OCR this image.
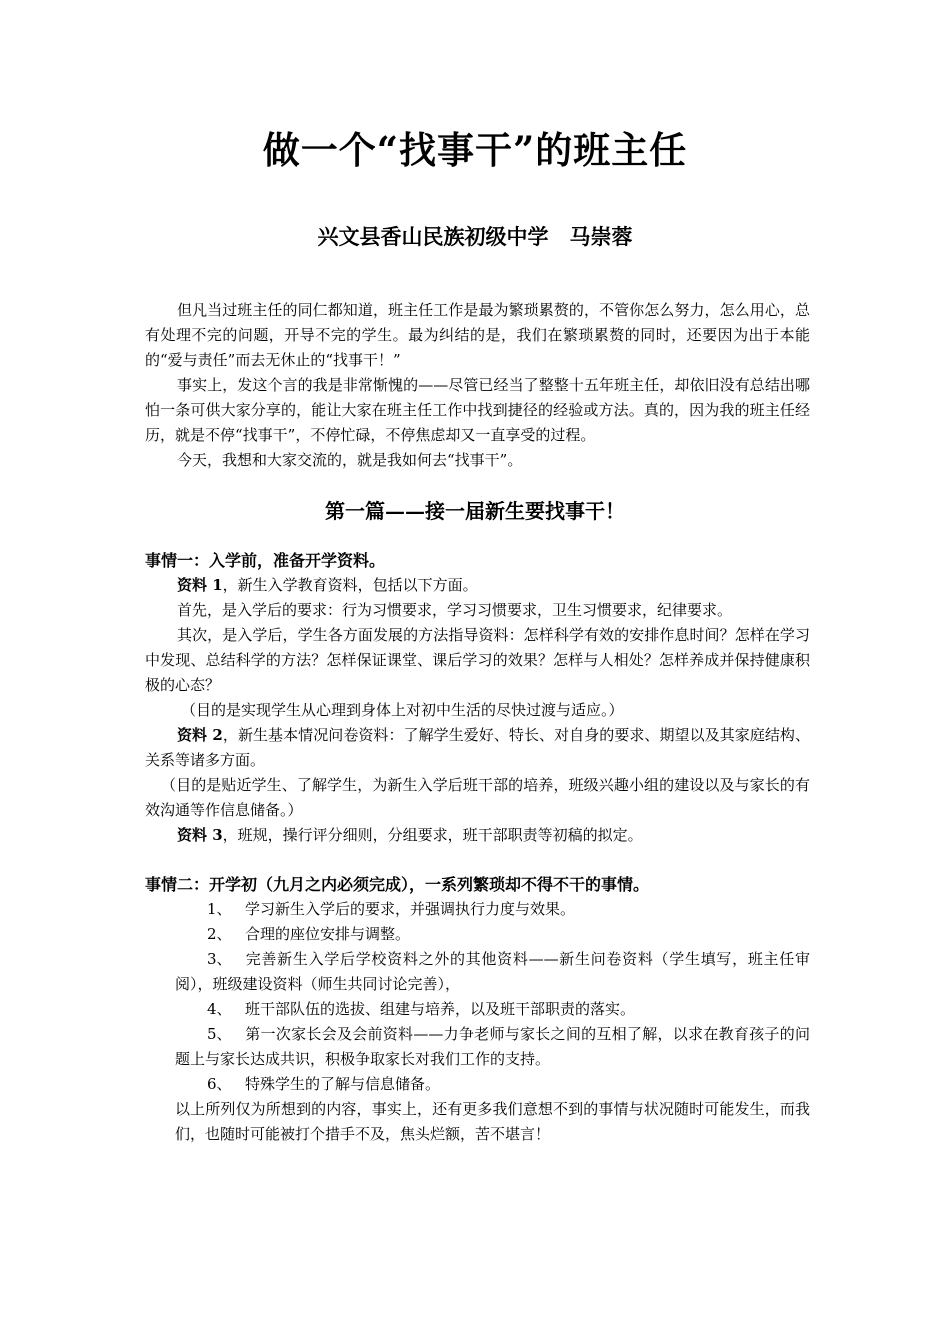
做一个“找事干”的班主任
兴文县香山民族初级中学　马崇蓉

但凡当过班主任的同仁都知道，班主任工作是最为繁琐累赘的，不管你怎么努力，怎么用心，总有处理不完的问题，开导不完的学生。最为纠结的是，我们在繁琐累赘的同时，还要因为出于本能的“爱与责任”而去无休止的“找事干！”

事实上，发这个言的我是非常惭愧的——尽管已经当了整整十五年班主任，却依旧没有总结出哪怕一条可供大家分享的，能让大家在班主任工作中找到捷径的经验或方法。真的，因为我的班主任经历，就是不停“找事干”，不停忙碌，不停焦虑却又一直享受的过程。

今天，我想和大家交流的，就是我如何去“找事干”。

第一篇——接一届新生要找事干！
事情一：入学前，准备开学资料。

资料 1，新生入学教育资料，包括以下方面。

首先，是入学后的要求：行为习惯要求，学习习惯要求，卫生习惯要求，纪律要求。

其次，是入学后，学生各方面发展的方法指导资料：怎样科学有效的安排作息时间？怎样在学习中发现、总结科学的方法？怎样保证课堂、课后学习的效果？怎样与人相处？怎样养成并保持健康积极的心态？

（目的是实现学生从心理到身体上对初中生活的尽快过渡与适应。）

资料 2，新生基本情况问卷资料：了解学生爱好、特长、对自身的要求、期望以及其家庭结构、关系等诸多方面。

（目的是贴近学生、了解学生，为新生入学后班干部的培养，班级兴趣小组的建设以及与家长的有效沟通等作信息储备。）

资料 3，班规，操行评分细则，分组要求，班干部职责等初稿的拟定。

事情二：开学初（九月之内必须完成），一系列繁琐却不得不干的事情。

1、 学习新生入学后的要求，并强调执行力度与效果。

2、 合理的座位安排与调整。

3、 完善新生入学后学校资料之外的其他资料——新生问卷资料（学生填写，班主任审阅），班级建设资料（师生共同讨论完善），

4、 班干部队伍的选拔、组建与培养，以及班干部职责的落实。

5、 第一次家长会及会前资料——力争老师与家长之间的互相了解，以求在教育孩子的问题上与家长达成共识，积极争取家长对我们工作的支持。

6、 特殊学生的了解与信息储备。

以上所列仅为所想到的内容，事实上，还有更多我们意想不到的事情与状况随时可能发生，而我们，也随时可能被打个措手不及，焦头烂额，苦不堪言！
